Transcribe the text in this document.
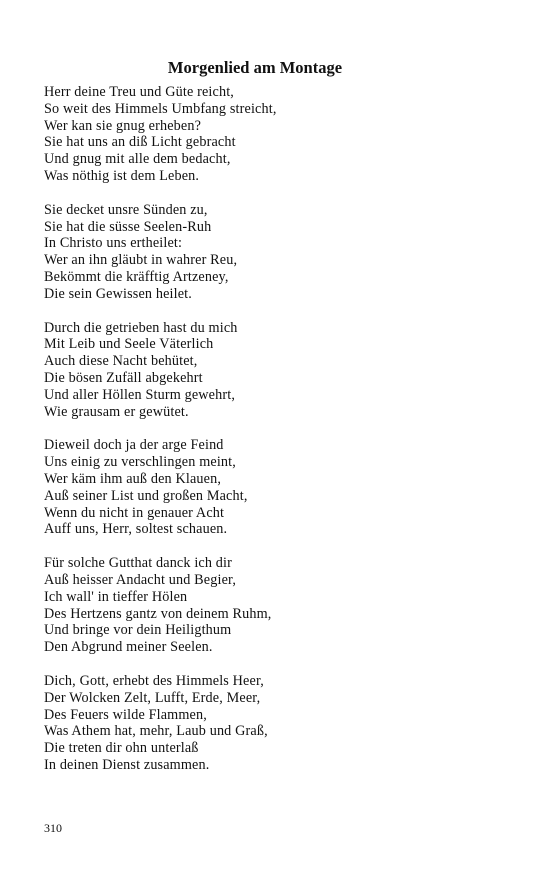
Morgenlied am Montage
Herr deine Treu und Güte reicht,
So weit des Himmels Umbfang streicht,
Wer kan sie gnug erheben?
Sie hat uns an diß Licht gebracht
Und gnug mit alle dem bedacht,
Was nöthig ist dem Leben.
Sie decket unsre Sünden zu,
Sie hat die süsse Seelen-Ruh
In Christo uns ertheilet:
Wer an ihn gläubt in wahrer Reu,
Bekömmt die kräfftig Artzeney,
Die sein Gewissen heilet.
Durch die getrieben hast du mich
Mit Leib und Seele Väterlich
Auch diese Nacht behütet,
Die bösen Zufäll abgekehrt
Und aller Höllen Sturm gewehrt,
Wie grausam er gewütet.
Dieweil doch ja der arge Feind
Uns einig zu verschlingen meint,
Wer käm ihm auß den Klauen,
Auß seiner List und großen Macht,
Wenn du nicht in genauer Acht
Auff uns, Herr, soltest schauen.
Für solche Gutthat danck ich dir
Auß heisser Andacht und Begier,
Ich wall' in tieffer Hölen
Des Hertzens gantz von deinem Ruhm,
Und bringe vor dein Heiligthum
Den Abgrund meiner Seelen.
Dich, Gott, erhebt des Himmels Heer,
Der Wolcken Zelt, Lufft, Erde, Meer,
Des Feuers wilde Flammen,
Was Athem hat, mehr, Laub und Graß,
Die treten dir ohn unterlaß
In deinen Dienst zusammen.
310
